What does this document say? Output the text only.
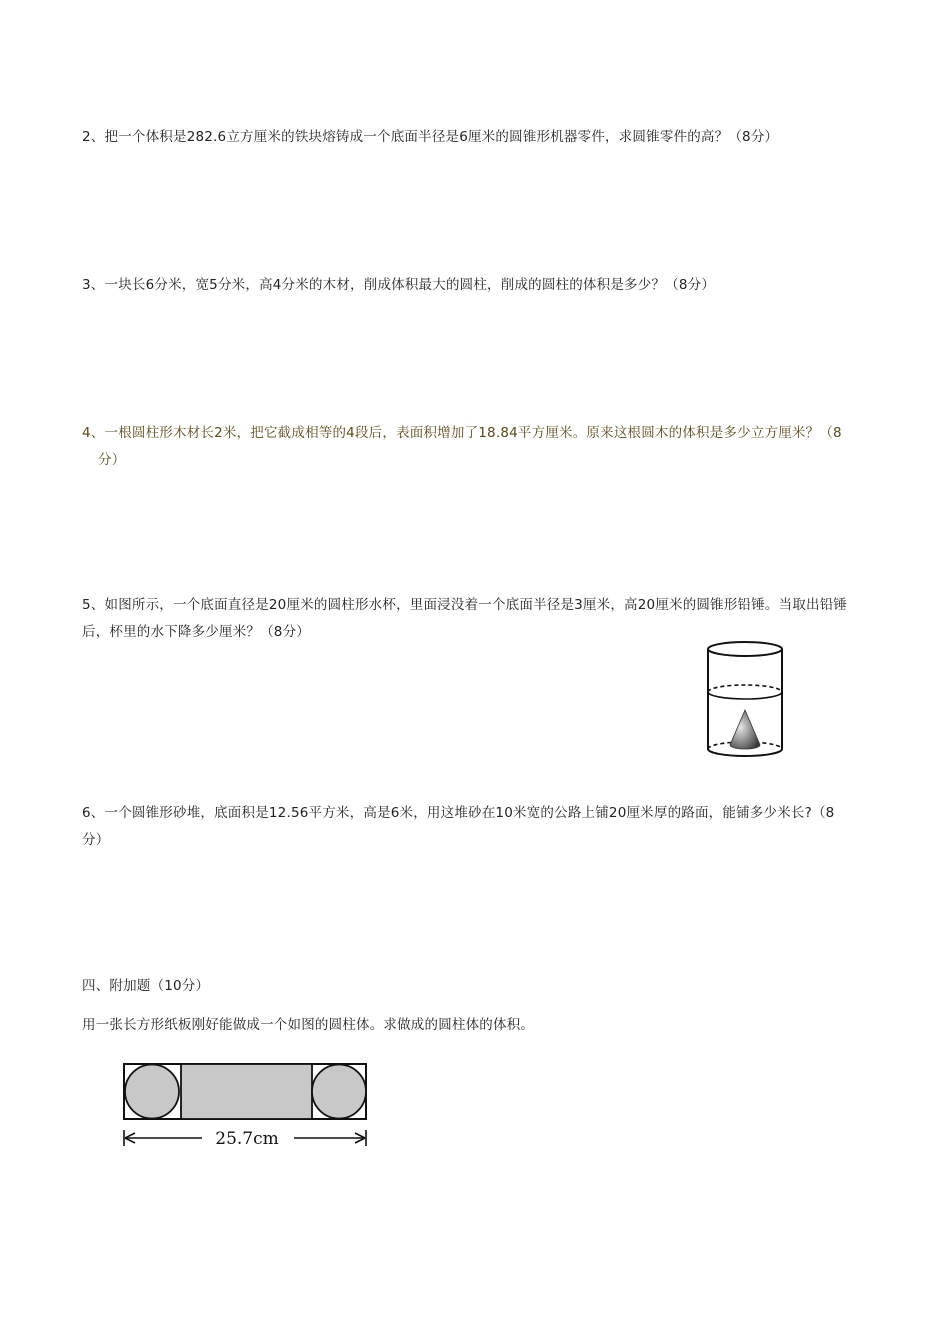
2、把一个体积是282.6立方厘米的铁块熔铸成一个底面半径是6厘米的圆锥形机器零件，求圆锥零件的高？（8分）
3、一块长6分米，宽5分米，高4分米的木材，削成体积最大的圆柱，削成的圆柱的体积是多少？（8分）
4、一根圆柱形木材长2米，把它截成相等的4段后，表面积增加了18.84平方厘米。原来这根圆木的体积是多少立方厘米？（8
分）
5、如图所示，一个底面直径是20厘米的圆柱形水杯，里面浸没着一个底面半径是3厘米，高20厘米的圆锥形铅锤。当取出铅锤
后，杯里的水下降多少厘米？（8分）
6、一个圆锥形砂堆，底面积是12.56平方米，高是6米，用这堆砂在10米宽的公路上铺20厘米厚的路面，能铺多少米长?（8
分）
四、附加题（10分）
用一张长方形纸板刚好能做成一个如图的圆柱体。求做成的圆柱体的体积。
25.7cm
